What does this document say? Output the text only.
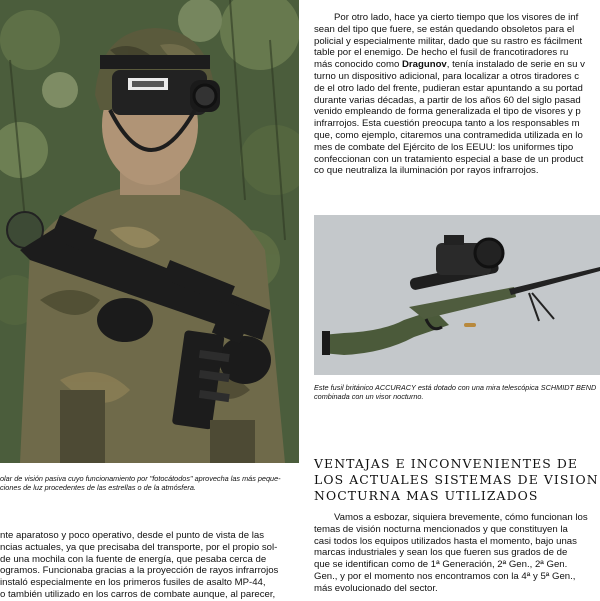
Por otro lado, hace ya cierto tiempo que los visores de inf

sean del tipo que fuere, se están quedando obsoletos para el

policial y especialmente militar, dado que su rastro es fácilment

table por el enemigo. De hecho el fusil de francotiradores ru

más conocido como Dragunov, tenía instalado de serie en su v

turno un dispositivo adicional, para localizar a otros tiradores c

de el otro lado del frente, pudieran estar apuntando a su portad

durante varias décadas, a partir de los años 60 del siglo pasad

venido empleando de forma generalizada el tipo de visores y p

infrarrojos. Esta cuestión preocupa tanto a los responsables m

que, como ejemplo, citaremos una contramedida utilizada en lo

mes de combate del Ejército de los EEUU: los uniformes tipo

confeccionan con un tratamiento especial a base de un product

co que neutraliza la iluminación por rayos infrarrojos.

olar de visión pasiva cuyo funcionamiento por "fotocátodos" aprovecha las más peque-
ciones de luz procedentes de las estrellas o de la atmósfera.
Este fusil británico ACCURACY está dotado con una mira telescópica SCHMIDT BEND
combinada con un visor nocturno.

VENTAJAS E INCONVENIENTES DE

LOS ACTUALES SISTEMAS DE VISION

NOCTURNA MAS UTILIZADOS

nte aparatoso y poco operativo, desde el punto de vista de las

ncias actuales, ya que precisaba del transporte, por el propio sol-

de una mochila con la fuente de energía, que pesaba cerca de

ogramos. Funcionaba gracias a la proyección de rayos infrarrojos

instaló especialmente en los primeros fusiles de asalto MP-44,

o también utilizado en los carros de combate aunque, al parecer,

Vamos a esbozar, siquiera brevemente, cómo funcionan los

temas de visión nocturna mencionados y que constituyen la

casi todos los equipos utilizados hasta el momento, bajo unas

marcas industriales y sean los que fueren sus grados de de

que se identifican como de 1ª Generación, 2ª Gen., 2ª Gen.

Gen., y por el momento nos encontramos con la 4ª y 5ª Gen.,

más evolucionado del sector.
